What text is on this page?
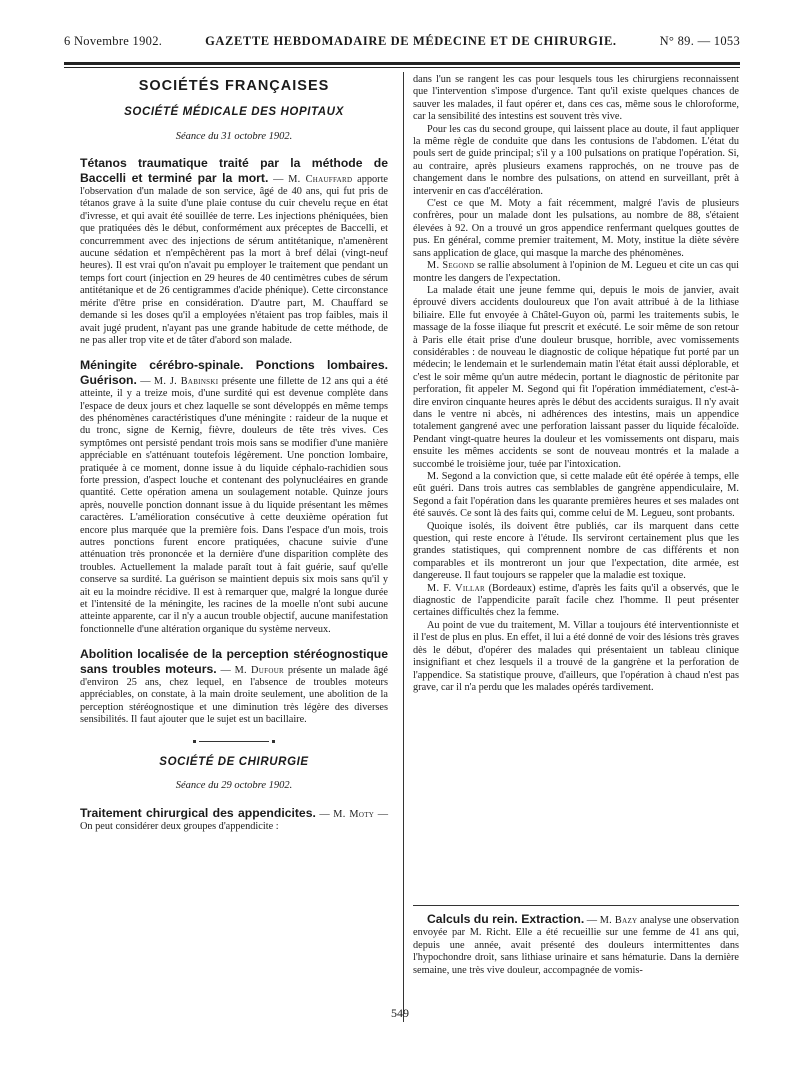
6 Novembre 1902.	GAZETTE HEBDOMADAIRE DE MÉDECINE ET DE CHIRURGIE.	N° 89. — 1053
SOCIÉTÉS FRANÇAISES
SOCIÉTÉ MÉDICALE DES HOPITAUX
Séance du 31 octobre 1902.

Tétanos traumatique traité par la méthode de Baccelli et terminé par la mort. — M. Chauffard apporte l'observation d'un malade de son service, âgé de 40 ans, qui fut pris de tétanos grave à la suite d'une plaie contuse du cuir chevelu reçue en état d'ivresse, et qui avait été souillée de terre. Les injections phéniquées, bien que pratiquées dès le début, conformément aux préceptes de Baccelli, et concurremment avec des injections de sérum antitétanique, n'amenèrent aucune sédation et n'empêchèrent pas la mort à bref délai (vingt-neuf heures). Il est vrai qu'on n'avait pu employer le traitement que pendant un temps fort court (injection en 29 heures de 40 centimètres cubes de sérum antitétanique et de 26 centigrammes d'acide phénique). Cette circonstance mérite d'être prise en considération. D'autre part, M. Chauffard se demande si les doses qu'il a employées n'étaient pas trop faibles, mais il avait jugé prudent, n'ayant pas une grande habitude de cette méthode, de ne pas aller trop vite et de tâter d'abord son malade.

Méningite cérébro-spinale. Ponctions lombaires. Guérison. — M. J. Babinski présente une fillette de 12 ans qui a été atteinte, il y a treize mois, d'une surdité qui est devenue complète dans l'espace de deux jours et chez laquelle se sont développés en même temps des phénomènes caractéristiques d'une méningite : raideur de la nuque et du tronc, signe de Kernig, fièvre, douleurs de tête très vives. Ces symptômes ont persisté pendant trois mois sans se modifier d'une manière appréciable en s'atténuant toutefois légèrement. Une ponction lombaire, pratiquée à ce moment, donne issue à du liquide céphalo-rachidien sous forte pression, d'aspect louche et contenant des polynucléaires en grande quantité. Cette opération amena un soulagement notable. Quinze jours après, nouvelle ponction donnant issue à du liquide présentant les mêmes caractères. L'amélioration consécutive à cette deuxième opération fut encore plus marquée que la première fois. Dans l'espace d'un mois, trois autres ponctions furent encore pratiquées, chacune suivie d'une atténuation très prononcée et la dernière d'une disparition complète des troubles. Actuellement la malade paraît tout à fait guérie, sauf qu'elle conserve sa surdité. La guérison se maintient depuis six mois sans qu'il y ait eu la moindre récidive. Il est à remarquer que, malgré la longue durée et l'intensité de la méningite, les racines de la moelle n'ont subi aucune atteinte apparente, car il n'y a aucun trouble objectif, aucune manifestation fonctionnelle d'une altération organique du système nerveux.

Abolition localisée de la perception stéréognostique sans troubles moteurs. — M. Dufour présente un malade âgé d'environ 25 ans, chez lequel, en l'absence de troubles moteurs appréciables, on constate, à la main droite seulement, une abolition de la perception stéréognostique et une diminution très légère des diverses sensibilités. Il faut ajouter que le sujet est un bacillaire.

SOCIÉTÉ DE CHIRURGIE
Séance du 29 octobre 1902.

Traitement chirurgical des appendicites. — M. Moty — On peut considérer deux groupes d'appendicite :

dans l'un se rangent les cas pour lesquels tous les chirurgiens reconnaissent que l'intervention s'impose d'urgence. Tant qu'il existe quelques chances de sauver les malades, il faut opérer et, dans ces cas, même sous le chloroforme, car la sensibilité des intestins est souvent très vive.

Pour les cas du second groupe, qui laissent place au doute, il faut appliquer la même règle de conduite que dans les contusions de l'abdomen. L'état du pouls sert de guide principal; s'il y a 100 pulsations on pratique l'opération. Si, au contraire, après plusieurs examens rapprochés, on ne trouve pas de changement dans le nombre des pulsations, on attend en surveillant, prêt à intervenir en cas d'accélération.

C'est ce que M. Moty a fait récemment, malgré l'avis de plusieurs confrères, pour un malade dont les pulsations, au nombre de 88, s'étaient élevées à 92. On a trouvé un gros appendice renfermant quelques gouttes de pus. En général, comme premier traitement, M. Moty, institue la diète sévère sans application de glace, qui masque la marche des phénomènes.

M. Segond se rallie absolument à l'opinion de M. Legueu et cite un cas qui montre les dangers de l'expectation.

La malade était une jeune femme qui, depuis le mois de janvier, avait éprouvé divers accidents douloureux que l'on avait attribué à de la lithiase biliaire. Elle fut envoyée à Châtel-Guyon où, parmi les traitements subis, le massage de la fosse iliaque fut prescrit et exécuté. Le soir même de son retour à Paris elle était prise d'une douleur brusque, horrible, avec vomissements considérables : de nouveau le diagnostic de colique hépatique fut porté par un médecin; le lendemain et le surlendemain matin l'état était aussi déplorable, et c'est le soir même qu'un autre médecin, portant le diagnostic de péritonite par perforation, fit appeler M. Segond qui fit l'opération immédiatement, c'est-à-dire environ cinquante heures après le début des accidents suraigus. Il n'y avait dans le ventre ni abcès, ni adhérences des intestins, mais un appendice totalement gangrené avec une perforation laissant passer du liquide fécaloïde. Pendant vingt-quatre heures la douleur et les vomissements ont disparu, mais ensuite les mêmes accidents se sont de nouveau montrés et la malade a succombé le troisième jour, tuée par l'intoxication.

M. Segond a la conviction que, si cette malade eût été opérée à temps, elle eût guéri. Dans trois autres cas semblables de gangrène appendiculaire, M. Segond a fait l'opération dans les quarante premières heures et ses malades ont été sauvés. Ce sont là des faits qui, comme celui de M. Legueu, sont probants.

Quoique isolés, ils doivent être publiés, car ils marquent dans cette question, qui reste encore à l'étude. Ils serviront certainement plus que les grandes statistiques, qui comprennent nombre de cas différents et non comparables et ils montreront un jour que l'expectation, dite armée, est dangereuse. Il faut toujours se rappeler que la maladie est toxique.

M. F. Villar (Bordeaux) estime, d'après les faits qu'il a observés, que le diagnostic de l'appendicite paraît facile chez l'homme. Il peut présenter certaines difficultés chez la femme.

Au point de vue du traitement, M. Villar a toujours été interventionniste et il l'est de plus en plus. En effet, il lui a été donné de voir des lésions très graves dès le début, d'opérer des malades qui présentaient un tableau clinique insignifiant et chez lesquels il a trouvé de la gangrène et la perforation de l'appendice. Sa statistique prouve, d'ailleurs, que l'opération à chaud n'est pas grave, car il n'a perdu que les malades opérés tardivement.

Calculs du rein. Extraction. — M. Bazy analyse une observation envoyée par M. Richt. Elle a été recueillie sur une femme de 41 ans qui, depuis une année, avait présenté des douleurs intermittentes dans l'hypochondre droit, sans lithiase urinaire et sans hématurie. Dans la dernière semaine, une très vive douleur, accompagnée de vomis-

549
